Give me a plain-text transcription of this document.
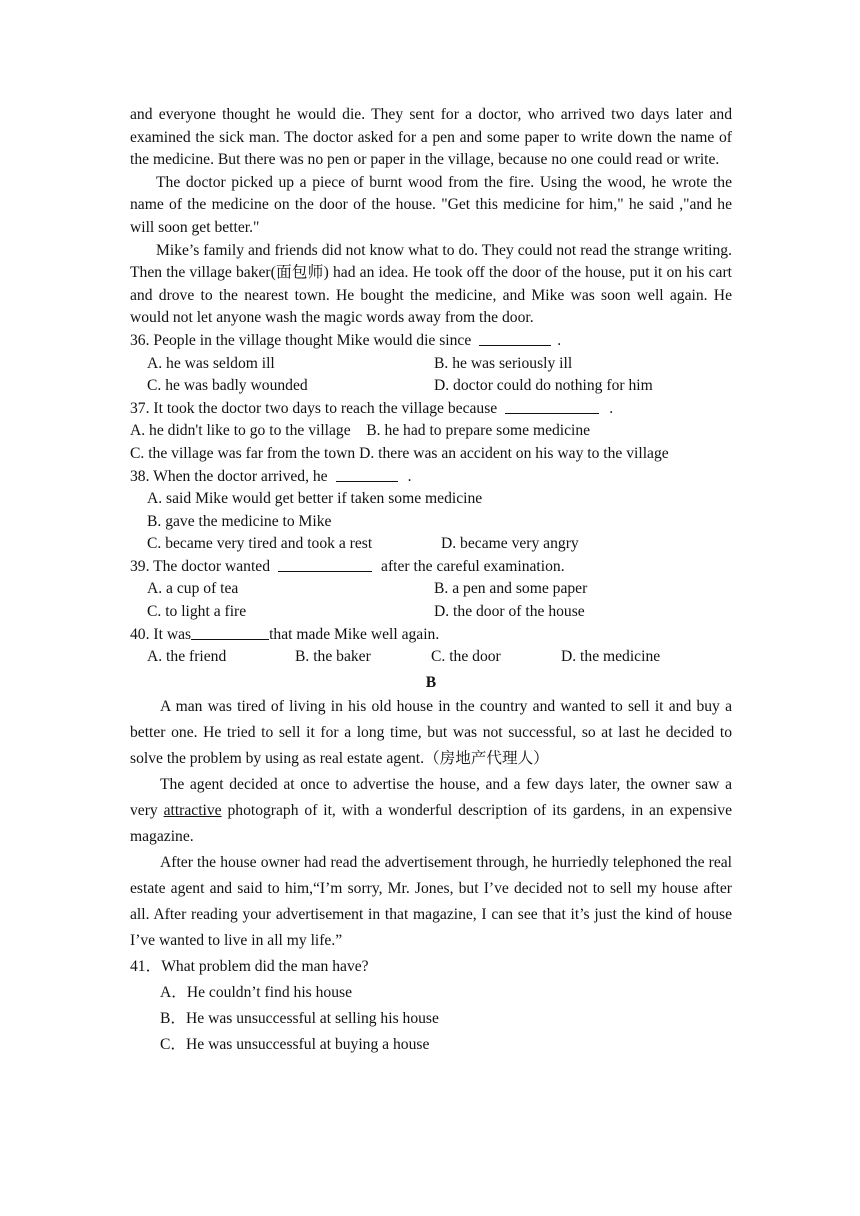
and everyone thought he would die. They sent for a doctor, who arrived two days later and examined the sick man. The doctor asked for a pen and some paper to write down the name of the medicine. But there was no pen or paper in the village, because no one could read or write.

The doctor picked up a piece of burnt wood from the fire. Using the wood, he wrote the name of the medicine on the door of the house. "Get this medicine for him," he said ,"and he will soon get better."

Mike’s family and friends did not know what to do. They could not read the strange writing. Then the village baker(面包师) had an idea. He took off the door of the house, put it on his cart and drove to the nearest town. He bought the medicine, and Mike was soon well again. He would not let anyone wash the magic words away from the door.

36. People in the village thought Mike would die since	.
A. he was seldom ill	B. he was seriously ill
C. he was badly wounded	D. doctor could do nothing for him
37. It took the doctor two days to reach the village because	.
A. he didn't like to go to the village    B. he had to prepare some medicine
C. the village was far from the town D. there was an accident on his way to the village
38. When the doctor arrived, he	.
A. said Mike would get better if taken some medicine
B. gave the medicine to Mike
C. became very tired and took a rest	D. became very angry
39. The doctor wanted	after the careful examination.
A. a cup of tea	B. a pen and some paper
C. to light a fire	D. the door of the house
40. It was	that made Mike well again.
A. the friend	B. the baker	C. the door	D. the medicine
B

A man was tired of living in his old house in the country and wanted to sell it and buy a better one. He tried to sell it for a long time, but was not successful, so at last he decided to solve the problem by using as real estate agent.（房地产代理人）

The agent decided at once to advertise the house, and a few days later, the owner saw a very attractive photograph of it, with a wonderful description of its gardens, in an expensive magazine.

After the house owner had read the advertisement through, he hurriedly telephoned the real estate agent and said to him,“I’m sorry, Mr. Jones, but I’ve decided not to sell my house after all. After reading your advertisement in that magazine, I can see that it’s just the kind of house I’ve wanted to live in all my life.”

41．What problem did the man have?
A．He couldn’t find his house
B．He was unsuccessful at selling his house
C．He was unsuccessful at buying a house
